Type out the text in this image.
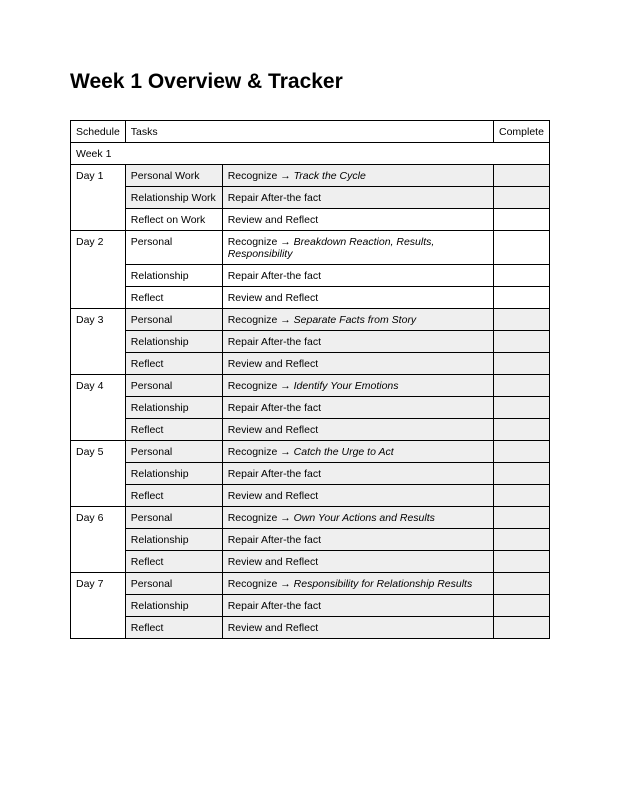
Week 1 Overview & Tracker
Schedule	Tasks		Complete
Week 1			
Day 1	Personal Work	Recognize → Track the Cycle	
	Relationship Work	Repair After-the fact	
	Reflect on Work	Review and Reflect	
Day 2	Personal	Recognize → Breakdown Reaction, Results, Responsibility	
	Relationship	Repair After-the fact	
	Reflect	Review and Reflect	
Day 3	Personal	Recognize → Separate Facts from Story	
	Relationship	Repair After-the fact	
	Reflect	Review and Reflect	
Day 4	Personal	Recognize → Identify Your Emotions	
	Relationship	Repair After-the fact	
	Reflect	Review and Reflect	
Day 5	Personal	Recognize → Catch the Urge to Act	
	Relationship	Repair After-the fact	
	Reflect	Review and Reflect	
Day 6	Personal	Recognize → Own Your Actions and Results	
	Relationship	Repair After-the fact	
	Reflect	Review and Reflect	
Day 7	Personal	Recognize → Responsibility for Relationship Results	
	Relationship	Repair After-the fact	
	Reflect	Review and Reflect	
